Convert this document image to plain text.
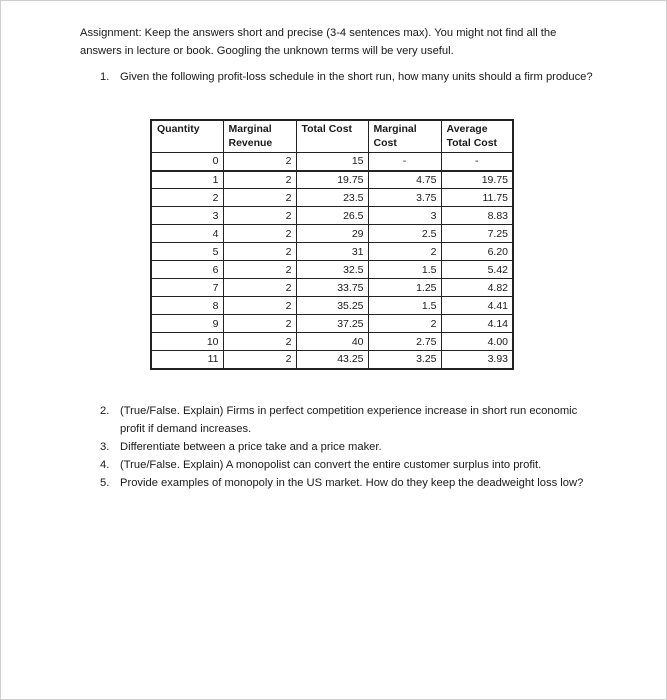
Assignment: Keep the answers short and precise (3-4 sentences max). You might not find all the answers in lecture or book. Googling the unknown terms will be very useful.

1. Given the following profit-loss schedule in the short run, how many units should a firm produce?
Quantity	Marginal Revenue	Total Cost	Marginal Cost	Average Total Cost
0	2	15	-	-
1	2	19.75	4.75	19.75
2	2	23.5	3.75	11.75
3	2	26.5	3	8.83
4	2	29	2.5	7.25
5	2	31	2	6.20
6	2	32.5	1.5	5.42
7	2	33.75	1.25	4.82
8	2	35.25	1.5	4.41
9	2	37.25	2	4.14
10	2	40	2.75	4.00
11	2	43.25	3.25	3.93
2. (True/False. Explain) Firms in perfect competition experience increase in short run economic profit if demand increases.
3. Differentiate between a price take and a price maker.
4. (True/False. Explain) A monopolist can convert the entire customer surplus into profit.
5. Provide examples of monopoly in the US market. How do they keep the deadweight loss low?
